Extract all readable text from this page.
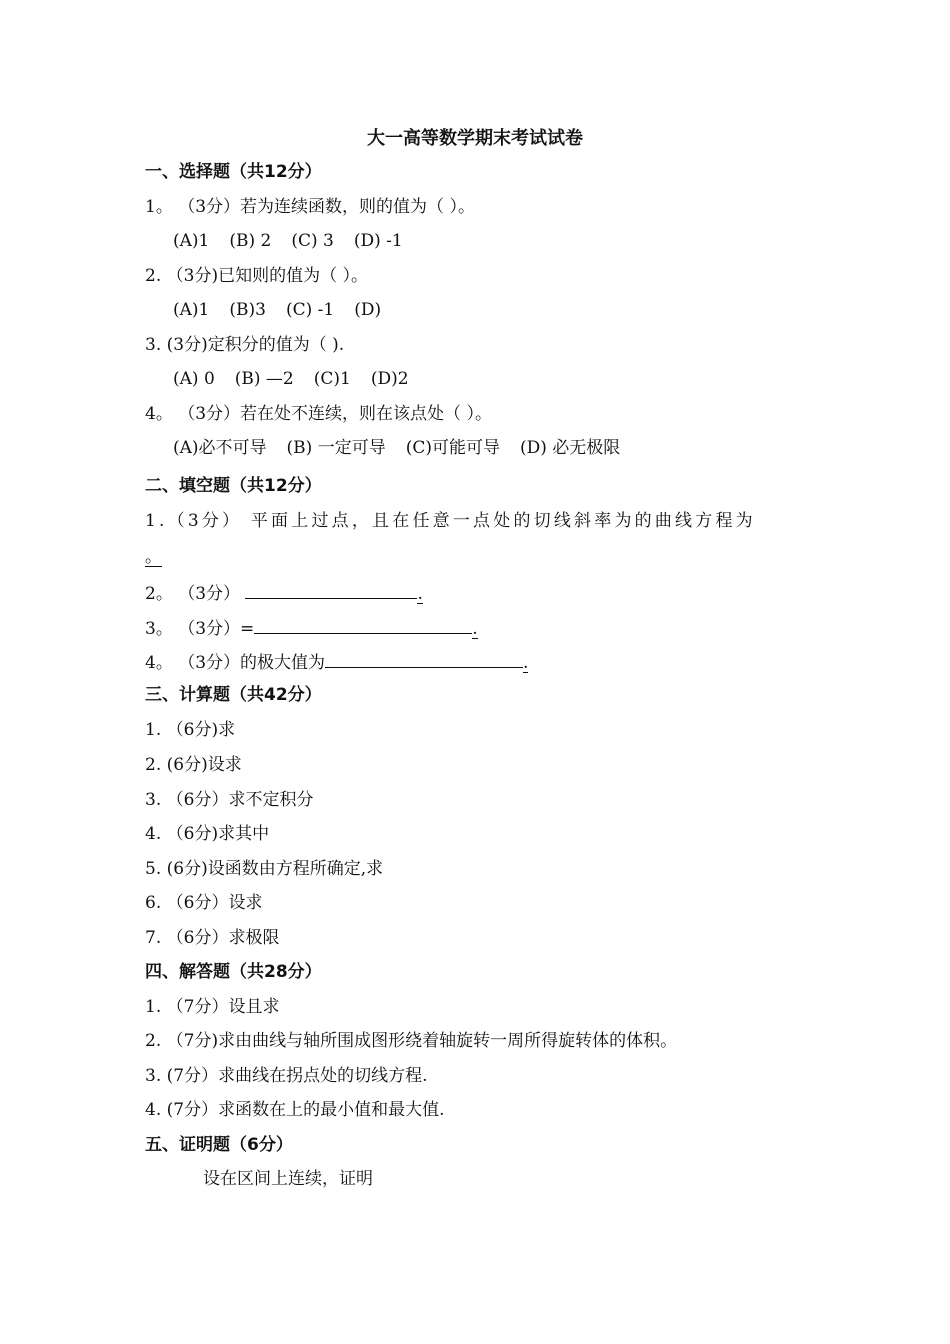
大一高等数学期末考试试卷
一、选择题（共12分）
1。 （3分）若为连续函数，则的值为（ ）。
(A)1 (B) 2 (C) 3 (D) -1
2. （3分)已知则的值为（ ）。
(A)1 (B)3 (C) -1 (D)
3. (3分)定积分的值为（ ).
(A) 0 (B) —2 (C)1 (D)2
4。 （3分）若在处不连续，则在该点处（ ）。
(A)必不可导 (B) 一定可导 (C)可能可导 (D) 必无极限
二、填空题（共12分）
1.（3分） 平面上过点，且在任意一点处的切线斜率为的曲线方程为
。
2。 （3分）	.
3。 （3分）=	.
4。 （3分）的极大值为	.
三、计算题（共42分）
1. （6分)求
2. (6分)设求
3. （6分）求不定积分
4. （6分)求其中
5. (6分)设函数由方程所确定,求
6. （6分）设求
7. （6分）求极限
四、解答题（共28分）
1. （7分）设且求
2. （7分)求由曲线与轴所围成图形绕着轴旋转一周所得旋转体的体积。
3. (7分）求曲线在拐点处的切线方程.
4. (7分）求函数在上的最小值和最大值.
五、证明题（6分）
设在区间上连续，证明
